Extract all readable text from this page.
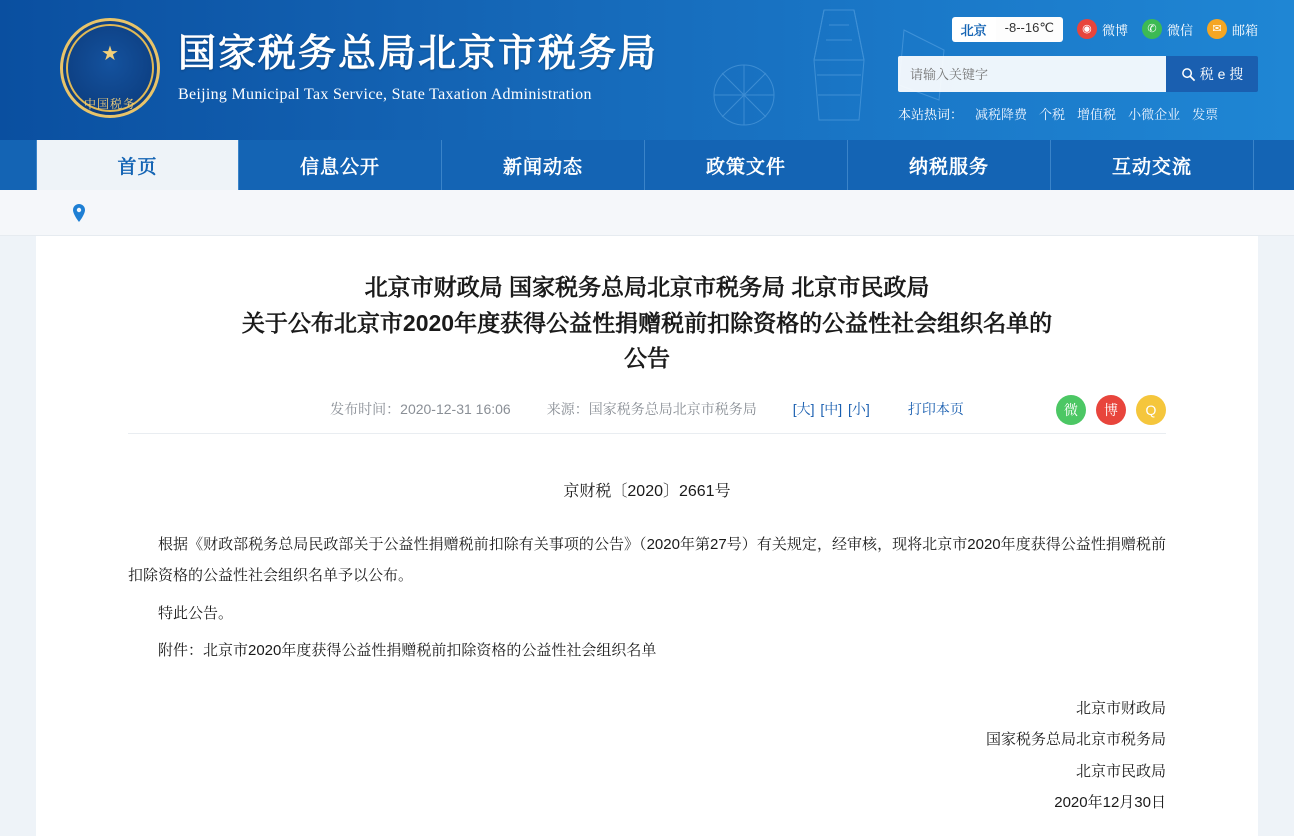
★
中国税务
国家税务总局北京市税务局
Beijing Municipal Tax Service, State Taxation Administration
北京	-8--16℃	◉ 微博	✆ 微信	✉ 邮箱
请输入关键字
税 e 搜
本站热词： 减税降费 个税 增值税 小微企业 发票
首页	信息公开	新闻动态	政策文件	纳税服务	互动交流
北京市财政局 国家税务总局北京市税务局 北京市民政局
关于公布北京市2020年度获得公益性捐赠税前扣除资格的公益性社会组织名单的
公告
发布时间：2020-12-31 16:06	来源：国家税务总局北京市税务局	[大] [中] [小]	打印本页	微	博	Q
京财税〔2020〕2661号
根据《财政部税务总局民政部关于公益性捐赠税前扣除有关事项的公告》（2020年第27号）有关规定，经审核，现将北京市2020年度获得公益性捐赠税前扣除资格的公益性社会组织名单予以公布。
特此公告。
附件：北京市2020年度获得公益性捐赠税前扣除资格的公益性社会组织名单
北京市财政局
国家税务总局北京市税务局
北京市民政局
2020年12月30日
